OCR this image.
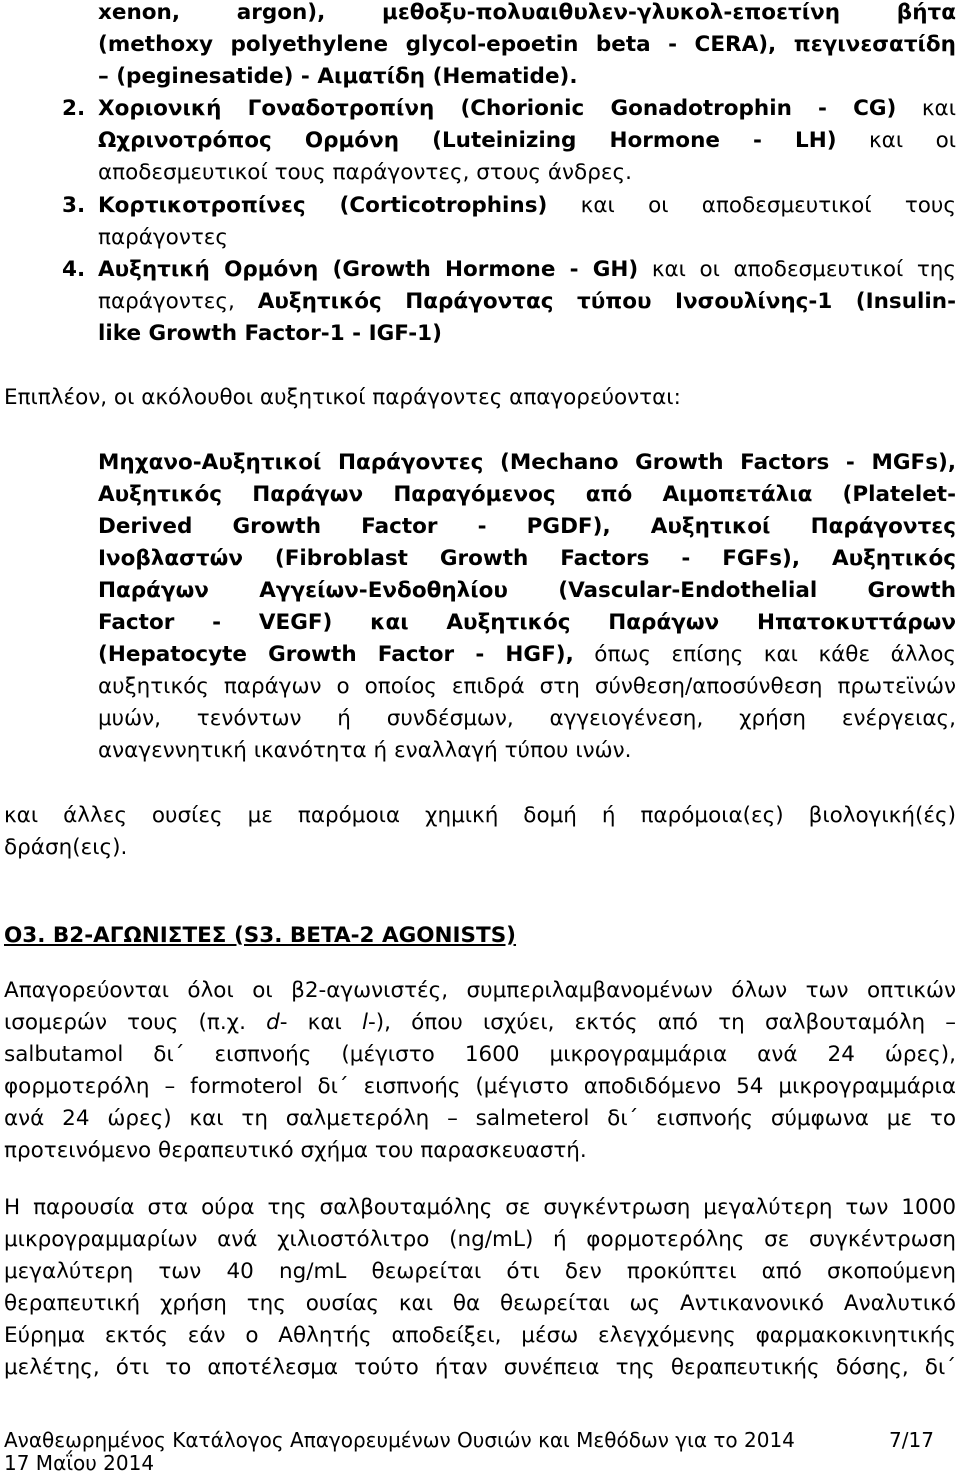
xenon, argon), μεθοξυ-πολυαιθυλεν-γλυκολ-εποετίνη βήτα
(methoxy polyethylene glycol-epoetin beta - CERA), πεγινεσατίδη
– (peginesatide) - Αιματίδη (Hematide).
2. Χοριονική Γοναδοτροπίνη (Chorionic Gonadotrophin - CG) και
Ωχρινοτρόπος Ορμόνη (Luteinizing Hormone - LH) και οι
αποδεσμευτικοί τους παράγοντες, στους άνδρες.
3. Κορτικοτροπίνες (Corticotrophins) και οι αποδεσμευτικοί τους
παράγοντες
4. Αυξητική Ορμόνη (Growth Hormone - GH) και οι αποδεσμευτικοί της
παράγοντες, Αυξητικός Παράγοντας τύπου Ινσουλίνης-1 (Insulin-
like Growth Factor-1 - IGF-1)
Επιπλέον, οι ακόλουθοι αυξητικοί παράγοντες απαγορεύονται:
Μηχανο-Αυξητικοί Παράγοντες (Mechano Growth Factors - MGFs),
Αυξητικός Παράγων Παραγόμενος από Αιμοπετάλια (Platelet-
Derived Growth Factor - PGDF), Αυξητικοί Παράγοντες
Ινοβλαστών (Fibroblast Growth Factors - FGFs), Αυξητικός
Παράγων Αγγείων-Ενδοθηλίου (Vascular-Endothelial Growth
Factor - VEGF) και Αυξητικός Παράγων Ηπατοκυττάρων
(Hepatocyte Growth Factor - HGF), όπως επίσης και κάθε άλλος
αυξητικός παράγων ο οποίος επιδρά στη σύνθεση/αποσύνθεση πρωτεϊνών
μυών, τενόντων ή συνδέσμων, αγγειογένεση, χρήση ενέργειας,
αναγεννητική ικανότητα ή εναλλαγή τύπου ινών.
και άλλες ουσίες με παρόμοια χημική δομή ή παρόμοια(ες) βιολογική(ές)
δράση(εις).
Ο3. Β2-ΑΓΩΝΙΣΤΕΣ (S3. BETA-2 AGONISTS)
Απαγορεύονται όλοι οι β2-αγωνιστές, συμπεριλαμβανομένων όλων των οπτικών
ισομερών τους (π.χ. d- και l-), όπου ισχύει, εκτός από τη σαλβουταμόλη –
salbutamol δι΄ εισπνοής (μέγιστο 1600 μικρογραμμάρια ανά 24 ώρες),
φορμοτερόλη – formoterol δι΄ εισπνοής (μέγιστο αποδιδόμενο 54 μικρογραμμάρια
ανά 24 ώρες) και τη σαλμετερόλη – salmeterol δι΄ εισπνοής σύμφωνα με το
προτεινόμενο θεραπευτικό σχήμα του παρασκευαστή.
Η παρουσία στα ούρα της σαλβουταμόλης σε συγκέντρωση μεγαλύτερη των 1000
μικρογραμμαρίων ανά χιλιοστόλιτρο (ng/mL) ή φορμοτερόλης σε συγκέντρωση
μεγαλύτερη των 40 ng/mL θεωρείται ότι δεν προκύπτει από σκοπούμενη
θεραπευτική χρήση της ουσίας και θα θεωρείται ως Αντικανονικό Αναλυτικό
Εύρημα εκτός εάν ο Αθλητής αποδείξει, μέσω ελεγχόμενης φαρμακοκινητικής
μελέτης, ότι το αποτέλεσμα τούτο ήταν συνέπεια της θεραπευτικής δόσης, δι΄
Αναθεωρημένος Κατάλογος Απαγορευμένων Ουσιών και Μεθόδων για το 2014	7/17
17 Μαΐου 2014
